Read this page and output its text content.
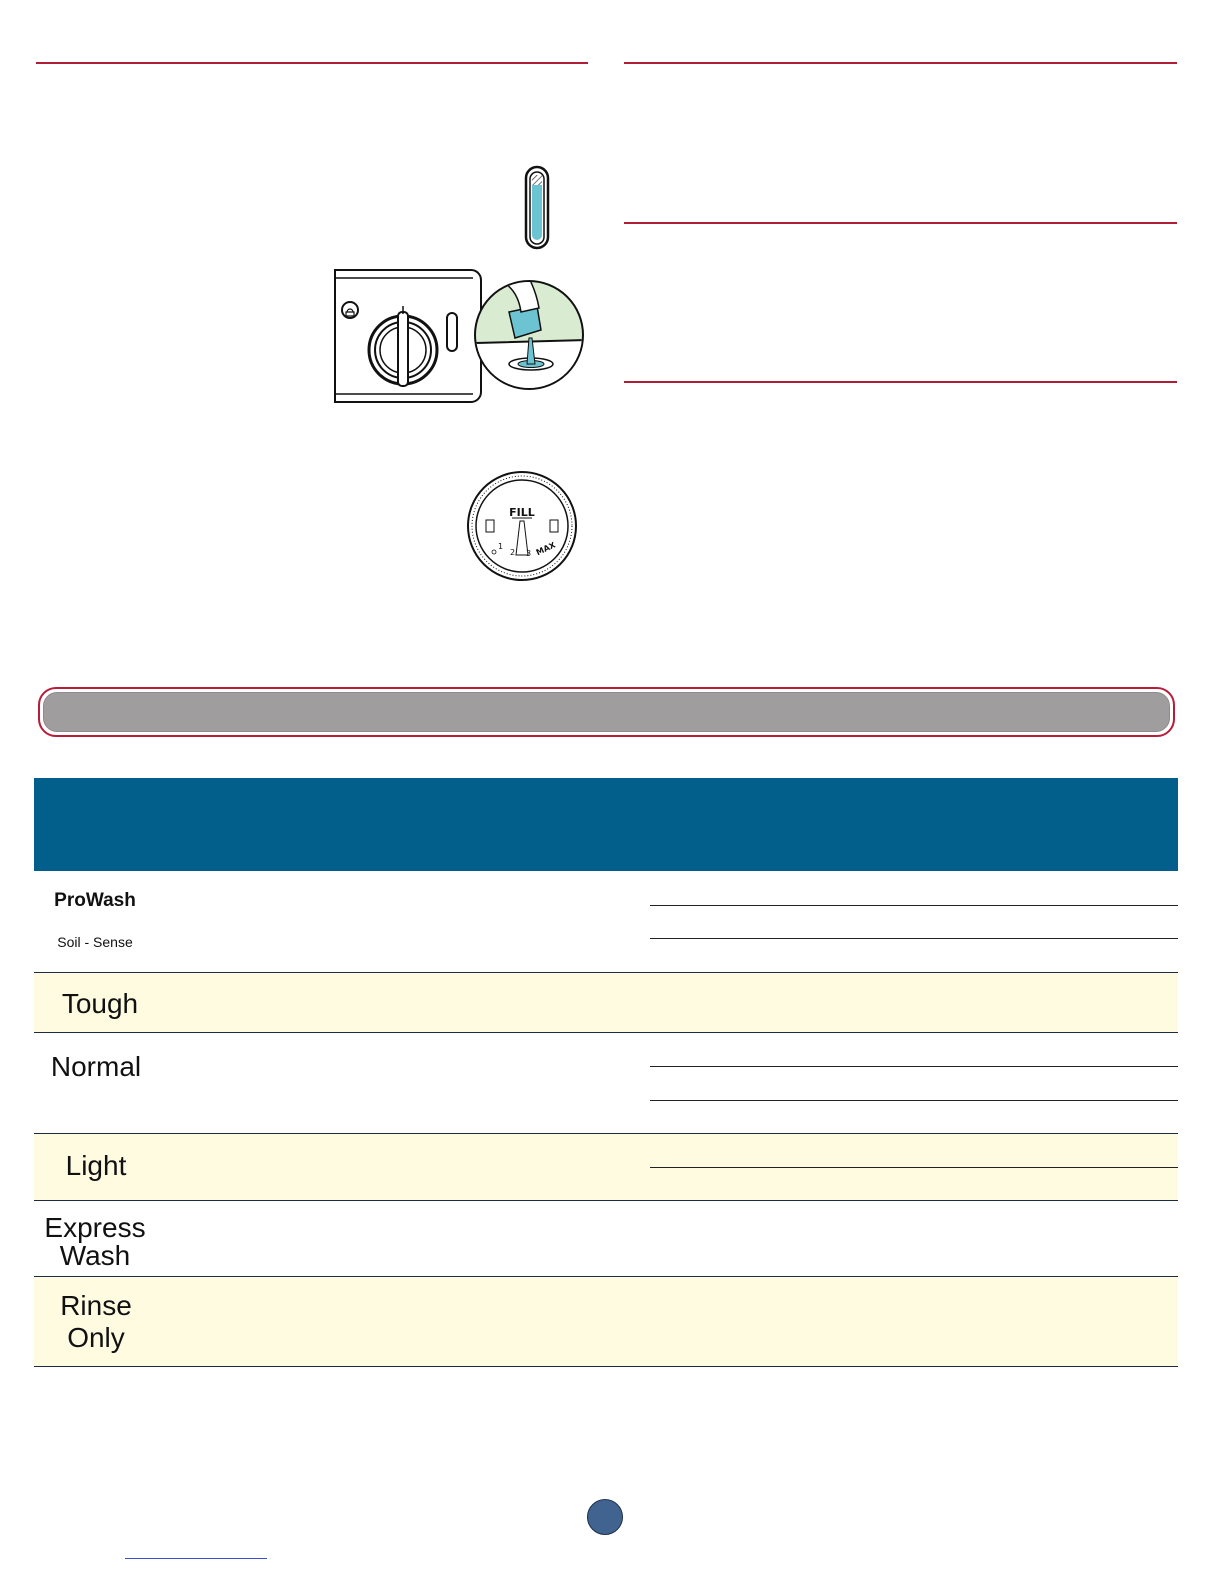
FILL
1
2 3 MAX
ProWash
Soil - Sense
Tough
Normal
Light
Express
Wash
Rinse
Only
